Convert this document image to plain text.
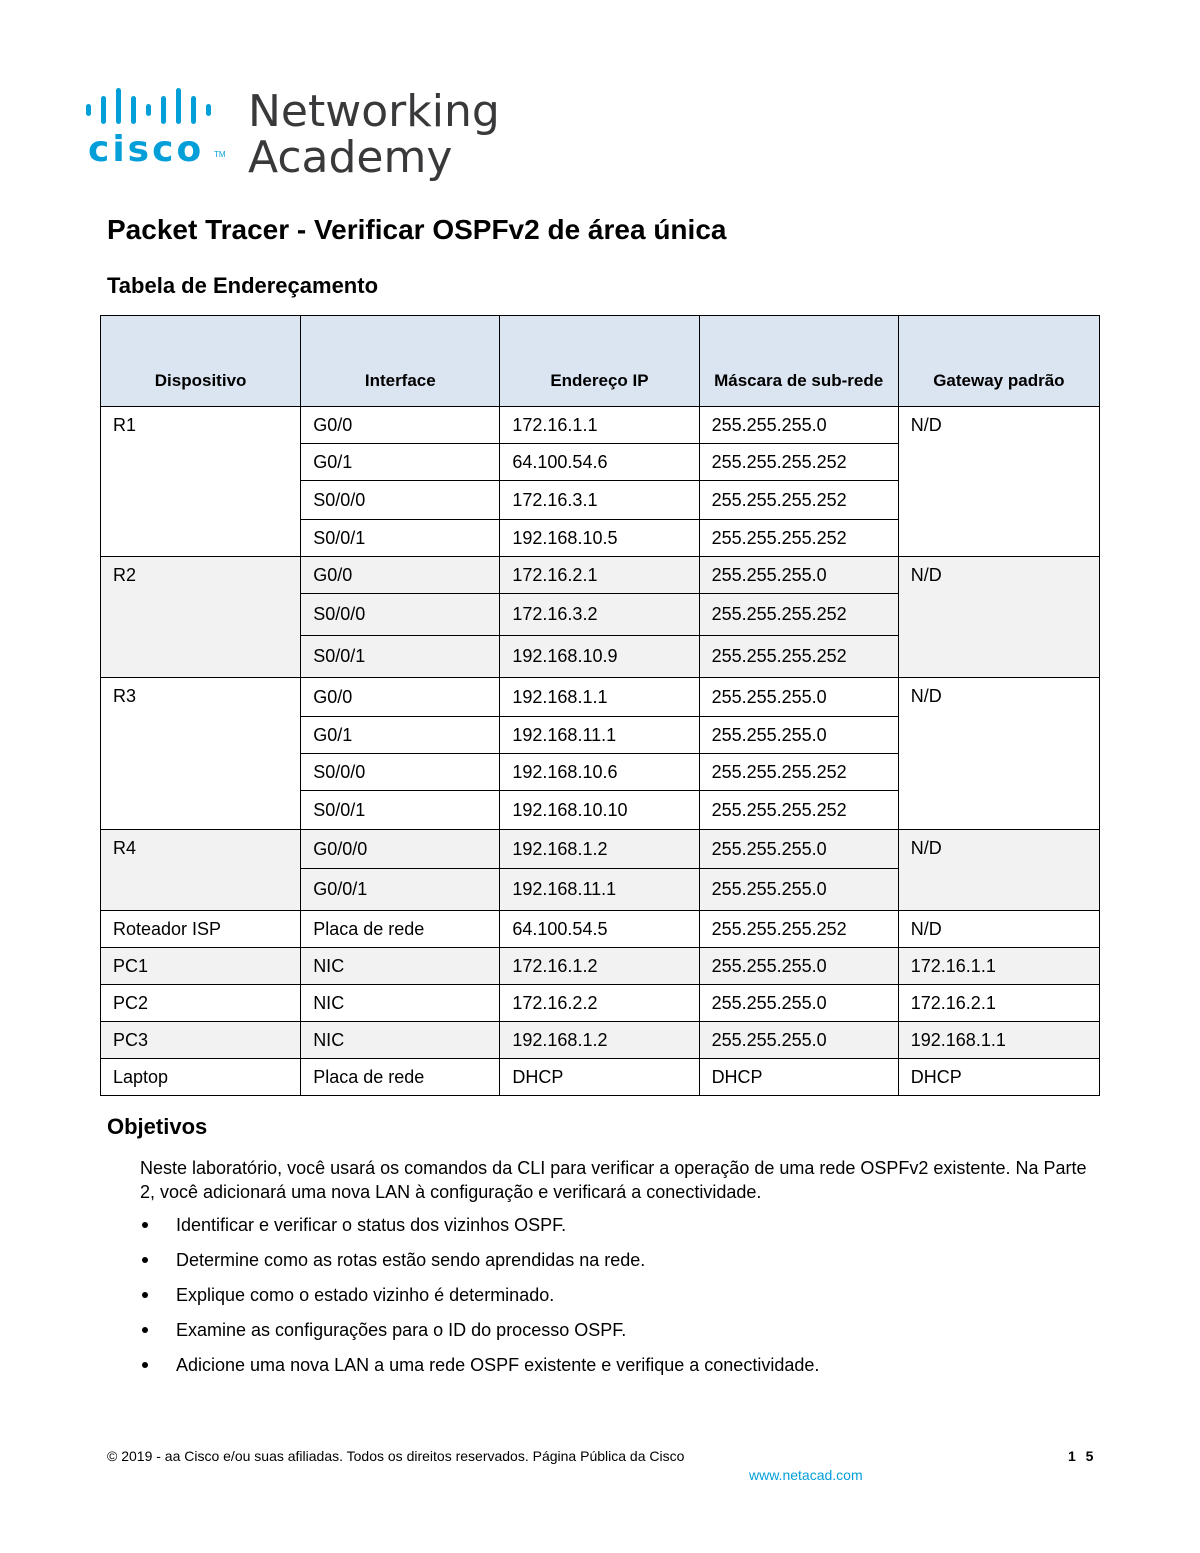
cisco TM
Networking
Academy
Packet Tracer - Verificar OSPFv2 de área única
Tabela de Endereçamento
Dispositivo	Interface	Endereço IP	Máscara de sub-rede	Gateway padrão
R1	G0/0	172.16.1.1	255.255.255.0	N/D
	G0/1	64.100.54.6	255.255.255.252	
	S0/0/0	172.16.3.1	255.255.255.252	
	S0/0/1	192.168.10.5	255.255.255.252	
R2	G0/0	172.16.2.1	255.255.255.0	N/D
	S0/0/0	172.16.3.2	255.255.255.252	
	S0/0/1	192.168.10.9	255.255.255.252	
R3	G0/0	192.168.1.1	255.255.255.0	N/D
	G0/1	192.168.11.1	255.255.255.0	
	S0/0/0	192.168.10.6	255.255.255.252	
	S0/0/1	192.168.10.10	255.255.255.252	
R4	G0/0/0	192.168.1.2	255.255.255.0	N/D
	G0/0/1	192.168.11.1	255.255.255.0	
Roteador ISP	Placa de rede	64.100.54.5	255.255.255.252	N/D
PC1	NIC	172.16.1.2	255.255.255.0	172.16.1.1
PC2	NIC	172.16.2.2	255.255.255.0	172.16.2.1
PC3	NIC	192.168.1.2	255.255.255.0	192.168.1.1
Laptop	Placa de rede	DHCP	DHCP	DHCP
Objetivos

Neste laboratório, você usará os comandos da CLI para verificar a operação de uma rede OSPFv2 existente. Na Parte 2, você adicionará uma nova LAN à configuração e verificará a conectividade.

Identificar e verificar o status dos vizinhos OSPF.
Determine como as rotas estão sendo aprendidas na rede.
Explique como o estado vizinho é determinado.
Examine as configurações para o ID do processo OSPF.
Adicione uma nova LAN a uma rede OSPF existente e verifique a conectividade.
© 2019 - aa Cisco e/ou suas afiliadas. Todos os direitos reservados. Página Pública da Cisco	1 5
www.netacad.com
